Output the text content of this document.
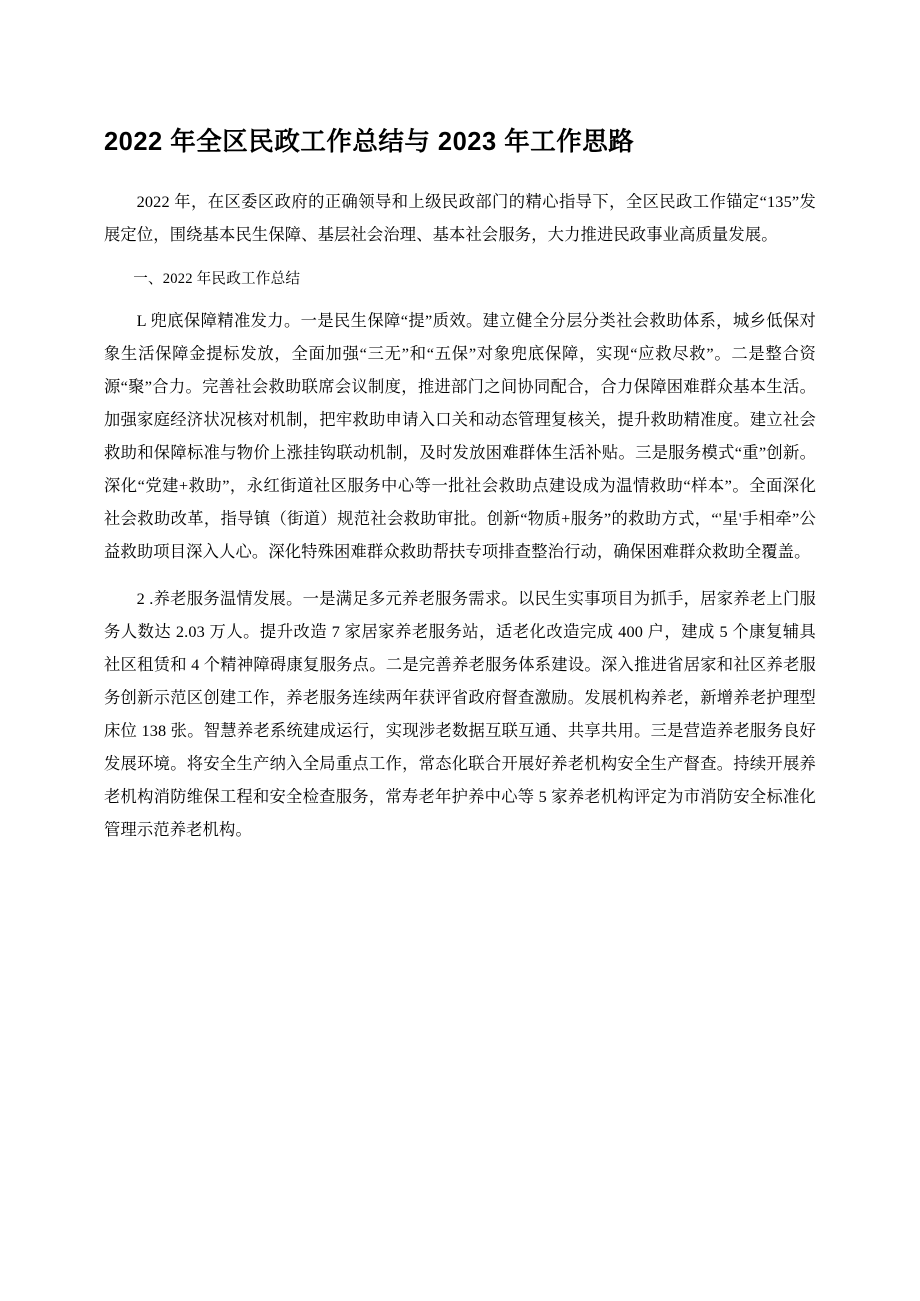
2022 年全区民政工作总结与 2023 年工作思路

2022 年，在区委区政府的正确领导和上级民政部门的精心指导下，全区民政工作锚定“135”发展定位，围绕基本民生保障、基层社会治理、基本社会服务，大力推进民政事业高质量发展。

一、2022 年民政工作总结

L 兜底保障精准发力。一是民生保障“提”质效。建立健全分层分类社会救助体系，城乡低保对象生活保障金提标发放，全面加强“三无”和“五保”对象兜底保障，实现“应救尽救”。二是整合资源“聚”合力。完善社会救助联席会议制度，推进部门之间协同配合，合力保障困难群众基本生活。加强家庭经济状况核对机制，把牢救助申请入口关和动态管理复核关，提升救助精准度。建立社会救助和保障标准与物价上涨挂钩联动机制，及时发放困难群体生活补贴。三是服务模式“重”创新。深化“党建+救助”，永红街道社区服务中心等一批社会救助点建设成为温情救助“样本”。全面深化社会救助改革，指导镇（街道）规范社会救助审批。创新“物质+服务”的救助方式，“'星'手相牵”公益救助项目深入人心。深化特殊困难群众救助帮扶专项排查整治行动，确保困难群众救助全覆盖。

2 .养老服务温情发展。一是满足多元养老服务需求。以民生实事项目为抓手，居家养老上门服务人数达 2.03 万人。提升改造 7 家居家养老服务站，适老化改造完成 400 户，建成 5 个康复辅具社区租赁和 4 个精神障碍康复服务点。二是完善养老服务体系建设。深入推进省居家和社区养老服务创新示范区创建工作，养老服务连续两年获评省政府督查激励。发展机构养老，新增养老护理型床位 138 张。智慧养老系统建成运行，实现涉老数据互联互通、共享共用。三是营造养老服务良好发展环境。将安全生产纳入全局重点工作，常态化联合开展好养老机构安全生产督查。持续开展养老机构消防维保工程和安全检查服务，常寿老年护养中心等 5 家养老机构评定为市消防安全标准化管理示范养老机构。
